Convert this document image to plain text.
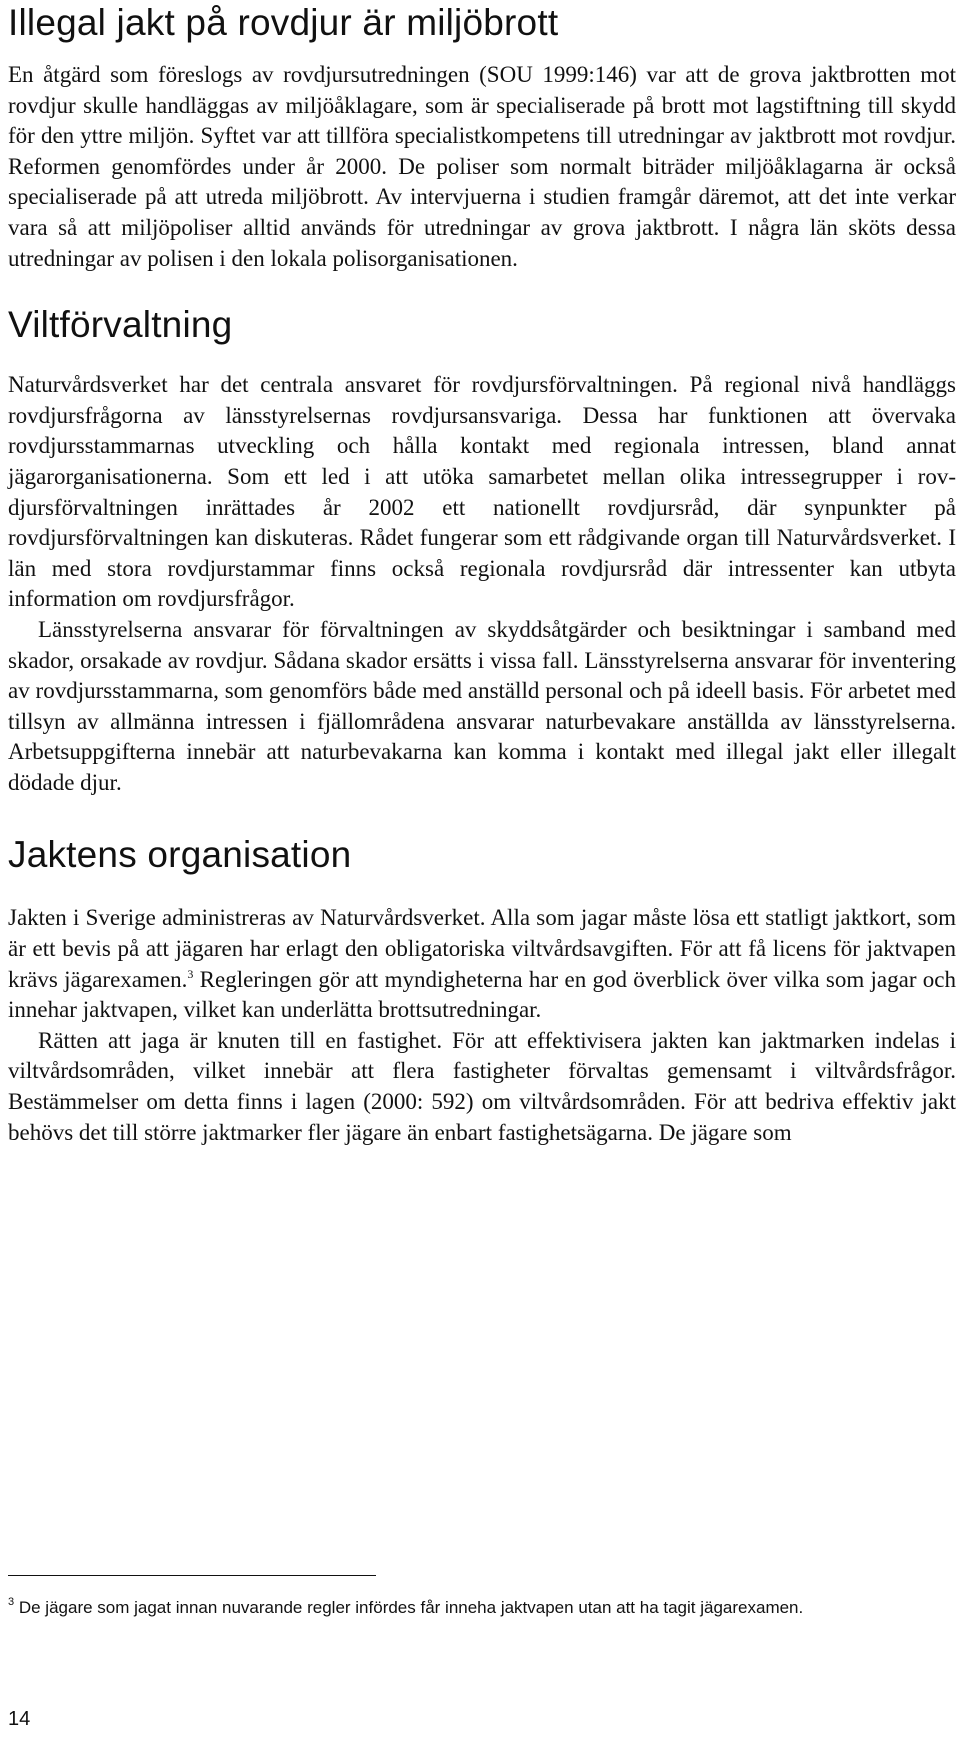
Illegal jakt på rovdjur är miljöbrott

En åtgärd som föreslogs av rovdjursutredningen (SOU 1999:146) var att de grova jaktbrotten mot rovdjur skulle handläggas av miljöåklagare, som är specialiserade på brott mot lagstiftning till skydd för den yttre miljön. Syftet var att tillföra specialistkompetens till utredningar av jaktbrott mot rovdjur. Reformen genomfördes under år 2000. De poliser som normalt biträder miljöåklagarna är också specialiserade på att utreda miljöbrott. Av intervjuerna i studien framgår däremot, att det inte verkar vara så att miljöpoliser alltid används för utredningar av grova jaktbrott. I några län sköts dessa utredningar av polisen i den lokala polisorganisationen.

Viltförvaltning

Naturvårdsverket har det centrala ansvaret för rovdjursförvaltningen. På regional nivå handläggs rovdjursfrågorna av länsstyrelsernas rovdjursansvariga. Dessa har funktionen att övervaka rovdjursstammarnas utveckling och hålla kontakt med regionala intressen, bland annat jägarorganisationerna. Som ett led i att utöka samarbetet mellan olika intressegrupper i rovdjursförvaltningen inrättades år 2002 ett nationellt rovdjursråd, där synpunkter på rovdjursförvaltningen kan diskuteras. Rådet fungerar som ett rådgivande organ till Naturvårdsverket. I län med stora rovdjurstammar finns också regionala rovdjursråd där intressenter kan utbyta information om rovdjursfrågor.

Länsstyrelserna ansvarar för förvaltningen av skyddsåtgärder och besiktningar i samband med skador, orsakade av rovdjur. Sådana skador ersätts i vissa fall. Länsstyrelserna ansvarar för inventering av rovdjursstammarna, som genomförs både med anställd personal och på ideell basis. För arbetet med tillsyn av allmänna intressen i fjällområdena ansvarar naturbevakare anställda av länsstyrelserna. Arbetsuppgifterna innebär att naturbevakarna kan komma i kontakt med illegal jakt eller illegalt dödade djur.

Jaktens organisation

Jakten i Sverige administreras av Naturvårdsverket. Alla som jagar måste lösa ett statligt jaktkort, som är ett bevis på att jägaren har erlagt den obligatoriska viltvårdsavgiften. För att få licens för jaktvapen krävs jägarexamen.$^3$ Regleringen gör att myndigheterna har en god överblick över vilka som jagar och innehar jaktvapen, vilket kan underlätta brottsutredningar.

Rätten att jaga är knuten till en fastighet. För att effektivisera jakten kan jaktmarken indelas i viltvårdsområden, vilket innebär att flera fastigheter förvaltas gemensamt i viltvårdsfrågor. Bestämmelser om detta finns i lagen (2000: 592) om viltvårdsområden. För att bedriva effektiv jakt behövs det till större jaktmarker fler jägare än enbart fastighetsägarna. De jägare som

$^3$ De jägare som jagat innan nuvarande regler infördes får inneha jaktvapen utan att ha tagit jägarexamen.

14
